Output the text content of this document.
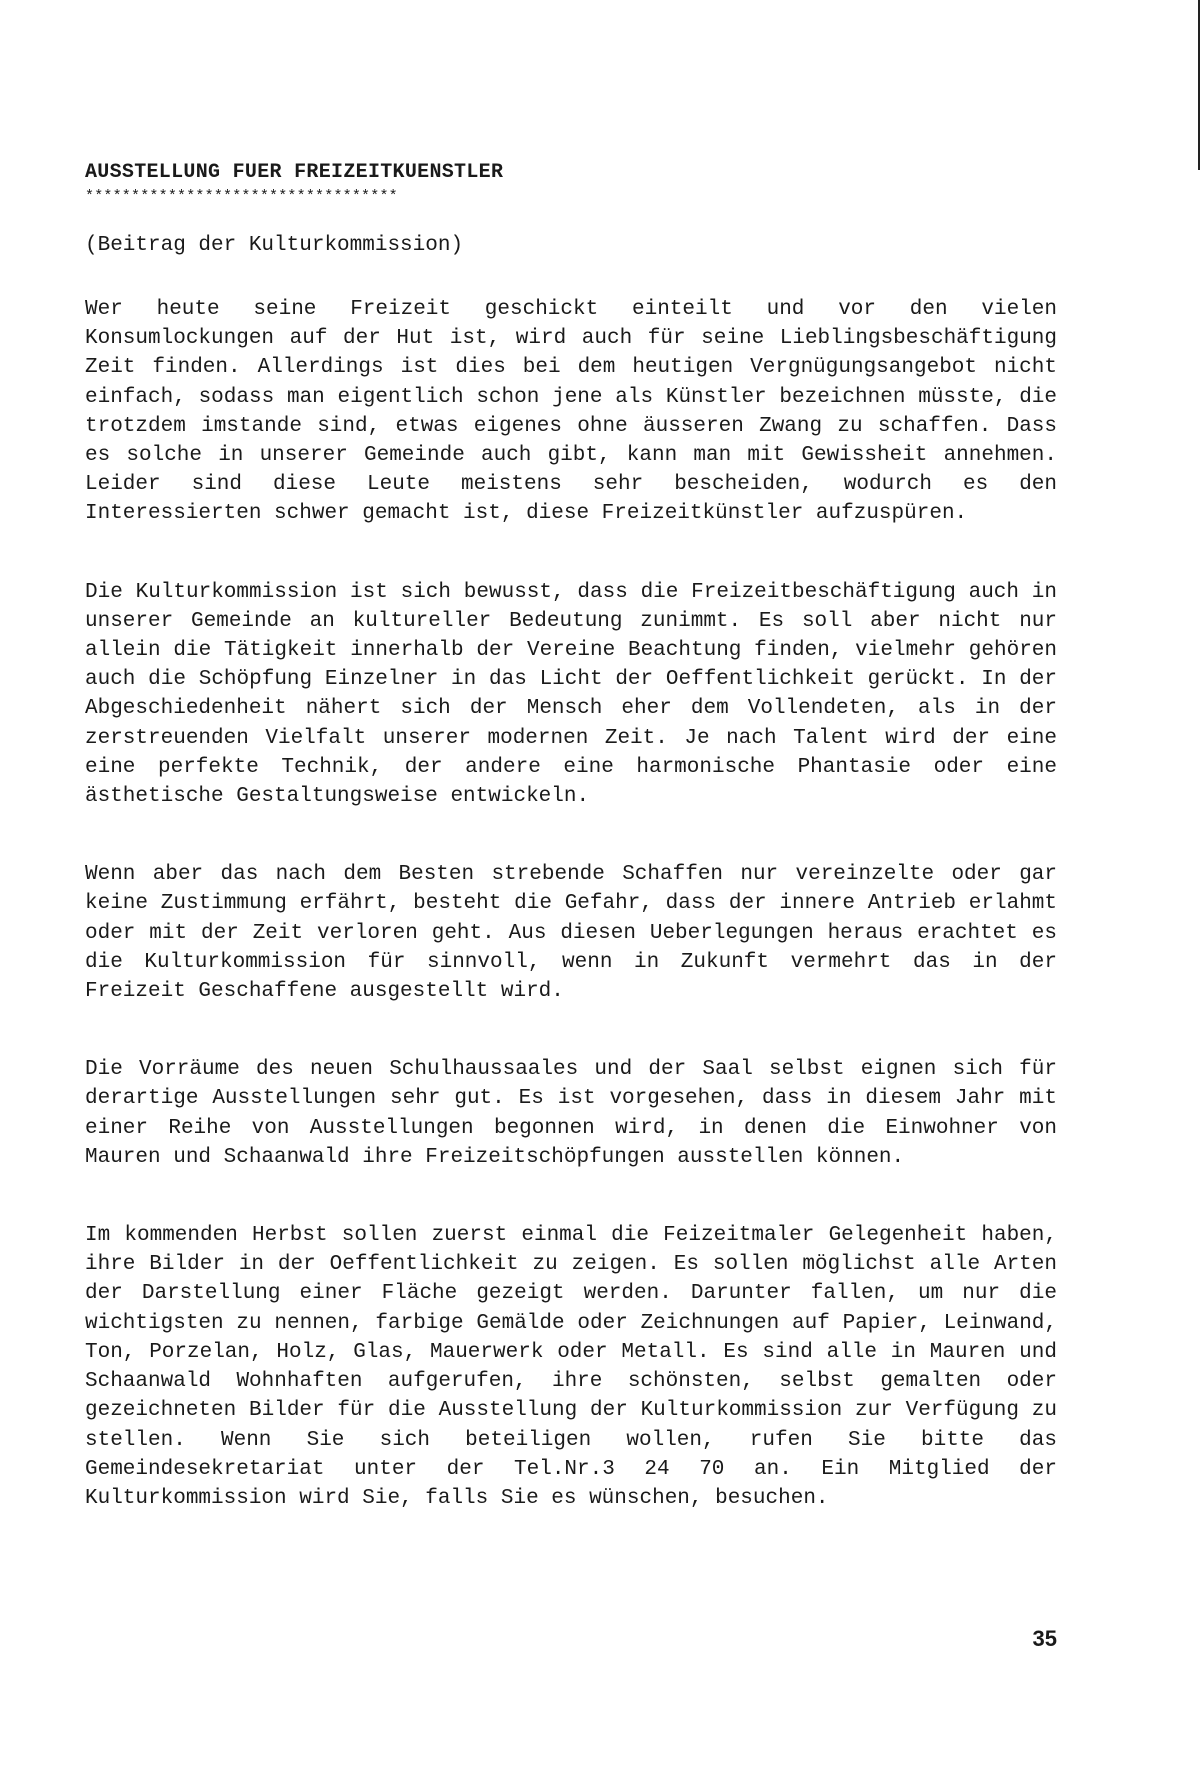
AUSSTELLUNG FUER FREIZEITKUENSTLER
**********************************

(Beitrag der Kulturkommission)

Wer heute seine Freizeit geschickt einteilt und vor den vielen Konsumlockungen auf der Hut ist, wird auch für seine Lieblingsbeschäftigung Zeit finden. Allerdings ist dies bei dem heutigen Vergnügungsangebot nicht einfach, sodass man eigentlich schon jene als Künstler bezeichnen müsste, die trotzdem imstande sind, etwas eigenes ohne äusseren Zwang zu schaffen. Dass es solche in unserer Gemeinde auch gibt, kann man mit Gewissheit annehmen. Leider sind diese Leute meistens sehr bescheiden, wodurch es den Interessierten schwer gemacht ist, diese Freizeitkünstler aufzuspüren.

Die Kulturkommission ist sich bewusst, dass die Freizeitbeschäftigung auch in unserer Gemeinde an kultureller Bedeutung zunimmt. Es soll aber nicht nur allein die Tätigkeit innerhalb der Vereine Beachtung finden, vielmehr gehören auch die Schöpfung Einzelner in das Licht der Oeffentlichkeit gerückt. In der Abgeschiedenheit nähert sich der Mensch eher dem Vollendeten, als in der zerstreuenden Vielfalt unserer modernen Zeit. Je nach Talent wird der eine eine perfekte Technik, der andere eine harmonische Phantasie oder eine ästhetische Gestaltungsweise entwickeln.

Wenn aber das nach dem Besten strebende Schaffen nur vereinzelte oder gar keine Zustimmung erfährt, besteht die Gefahr, dass der innere Antrieb erlahmt oder mit der Zeit verloren geht. Aus diesen Ueberlegungen heraus erachtet es die Kulturkommission für sinnvoll, wenn in Zukunft vermehrt das in der Freizeit Geschaffene ausgestellt wird.

Die Vorräume des neuen Schulhaussaales und der Saal selbst eignen sich für derartige Ausstellungen sehr gut. Es ist vorgesehen, dass in diesem Jahr mit einer Reihe von Ausstellungen begonnen wird, in denen die Einwohner von Mauren und Schaanwald ihre Freizeitschöpfungen ausstellen können.

Im kommenden Herbst sollen zuerst einmal die Feizeitmaler Gelegenheit haben, ihre Bilder in der Oeffentlichkeit zu zeigen. Es sollen möglichst alle Arten der Darstellung einer Fläche gezeigt werden. Darunter fallen, um nur die wichtigsten zu nennen, farbige Gemälde oder Zeichnungen auf Papier, Leinwand, Ton, Porzelan, Holz, Glas, Mauerwerk oder Metall. Es sind alle in Mauren und Schaanwald Wohnhaften aufgerufen, ihre schönsten, selbst gemalten oder gezeichneten Bilder für die Ausstellung der Kulturkommission zur Verfügung zu stellen. Wenn Sie sich beteiligen wollen, rufen Sie bitte das Gemeindesekretariat unter der Tel.Nr.3 24 70 an. Ein Mitglied der Kulturkommission wird Sie, falls Sie es wünschen, besuchen.

35
